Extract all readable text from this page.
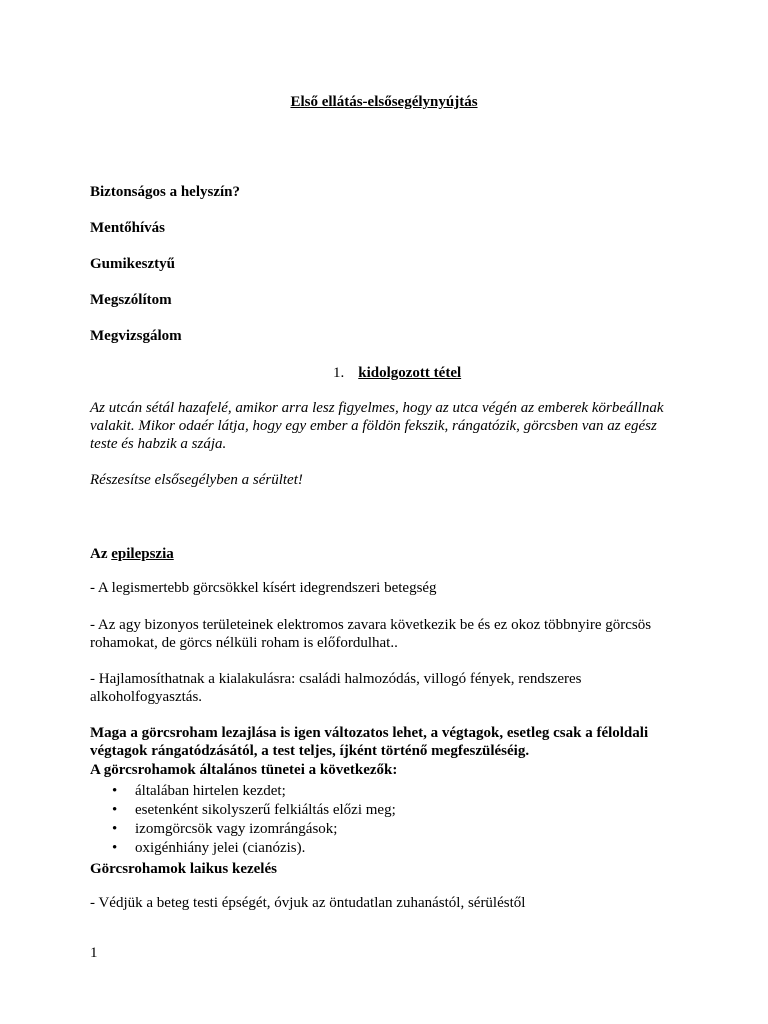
Első ellátás-elsősegélynyújtás
Biztonságos a helyszín?
Mentőhívás
Gumikesztyű
Megszólítom
Megvizsgálom
1. kidolgozott tétel
Az utcán sétál hazafelé, amikor arra lesz figyelmes, hogy az utca végén az emberek körbeállnak
valakit. Mikor odaér látja, hogy egy ember a földön fekszik, rángatózik, görcsben van az egész
teste és habzik a szája.
Részesítse elsősegélyben a sérültet!
Az epilepszia
- A legismertebb görcsökkel kísért idegrendszeri betegség
- Az agy bizonyos területeinek elektromos zavara következik be és ez okoz többnyire görcsös
rohamokat, de görcs nélküli roham is előfordulhat..
- Hajlamosíthatnak a kialakulásra: családi halmozódás, villogó fények, rendszeres
alkoholfogyasztás.
Maga a görcsroham lezajlása is igen változatos lehet, a végtagok, esetleg csak a féloldali
végtagok rángatódzásától, a test teljes, íjként történő megfeszüléséig.
A görcsrohamok általános tünetei a következők:
• általában hirtelen kezdet;
• esetenként sikolyszerű felkiáltás előzi meg;
• izomgörcsök vagy izomrángások;
• oxigénhiány jelei (cianózis).
Görcsrohamok laikus kezelés
- Védjük a beteg testi épségét, óvjuk az öntudatlan zuhanástól, sérüléstől
1
